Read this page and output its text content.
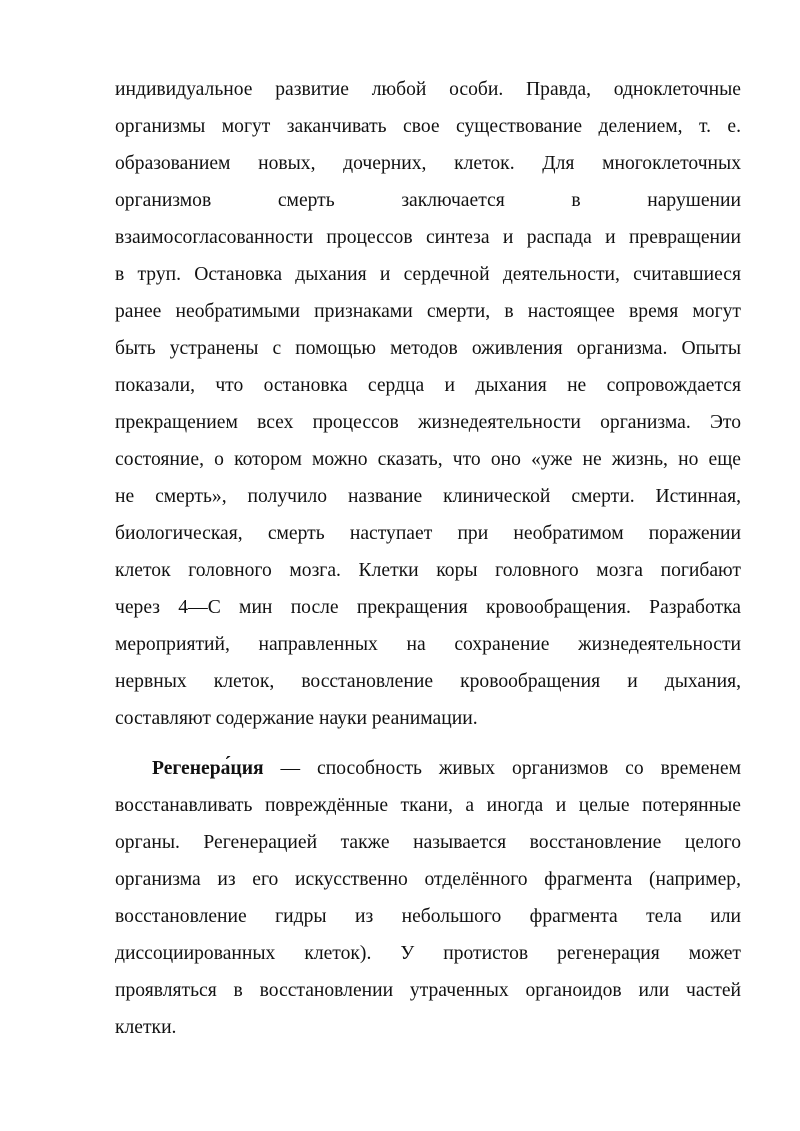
индивидуальное развитие любой особи. Правда, одноклеточные
организмы могут заканчивать свое существование делением, т. е.
образованием новых, дочерних, клеток. Для многоклеточных
организмов смерть заключается в нарушении
взаимосогласованности процессов синтеза и распада и превращении
в труп. Остановка дыхания и сердечной деятельности, считавшиеся
ранее необратимыми признаками смерти, в настоящее время могут
быть устранены с помощью методов оживления организма. Опыты
показали, что остановка сердца и дыхания не сопровождается
прекращением всех процессов жизнедеятельности организма. Это
состояние, о котором можно сказать, что оно «уже не жизнь, но еще
не смерть», получило название клинической смерти. Истинная,
биологическая, смерть наступает при необратимом поражении
клеток головного мозга. Клетки коры головного мозга погибают
через 4—С мин после прекращения кровообращения. Разработка
мероприятий, направленных на сохранение жизнедеятельности
нервных клеток, восстановление кровообращения и дыхания,
составляют содержание науки реанимации.
Регенера́ция — способность живых организмов со временем
восстанавливать повреждённые ткани, а иногда и целые потерянные
органы. Регенерацией также называется восстановление целого
организма из его искусственно отделённого фрагмента (например,
восстановление гидры из небольшого фрагмента тела или
диссоциированных клеток). У протистов регенерация может
проявляться в восстановлении утраченных органоидов или частей
клетки.
